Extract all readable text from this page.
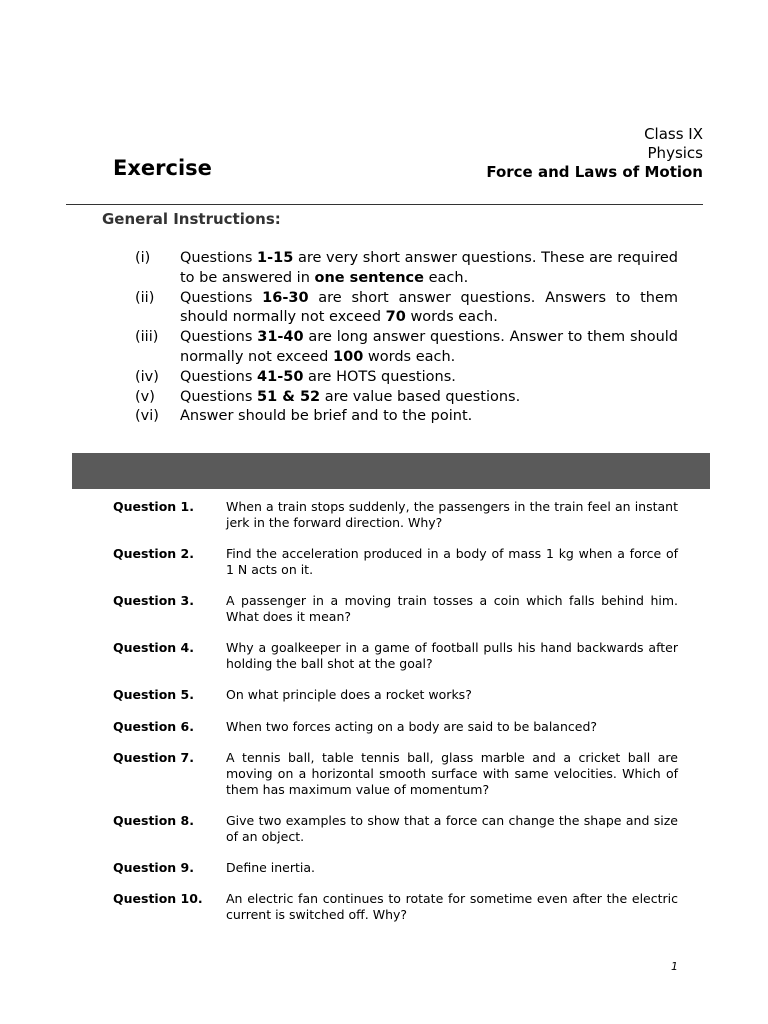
Class IX
Physics
Force and Laws of Motion
Exercise
General Instructions:
(i)	Questions 1-15 are very short answer questions. These are required to be answered in one sentence each.
(ii)	Questions 16-30 are short answer questions. Answers to them should normally not exceed 70 words each.
(iii)	Questions 31-40 are long answer questions. Answer to them should normally not exceed 100 words each.
(iv)	Questions 41-50 are HOTS questions.
(v)	Questions 51 & 52 are value based questions.
(vi)	Answer should be brief and to the point.
Question 1.	When a train stops suddenly, the passengers in the train feel an instant jerk in the forward direction. Why?
Question 2.	Find the acceleration produced in a body of mass 1 kg when a force of 1 N acts on it.
Question 3.	A passenger in a moving train tosses a coin which falls behind him. What does it mean?
Question 4.	Why a goalkeeper in a game of football pulls his hand backwards after holding the ball shot at the goal?
Question 5.	On what principle does a rocket works?
Question 6.	When two forces acting on a body are said to be balanced?
Question 7.	A tennis ball, table tennis ball, glass marble and a cricket ball are moving on a horizontal smooth surface with same velocities. Which of them has maximum value of momentum?
Question 8.	Give two examples to show that a force can change the shape and size of an object.
Question 9.	Define inertia.
Question 10.	An electric fan continues to rotate for sometime even after the electric current is switched off. Why?
1
